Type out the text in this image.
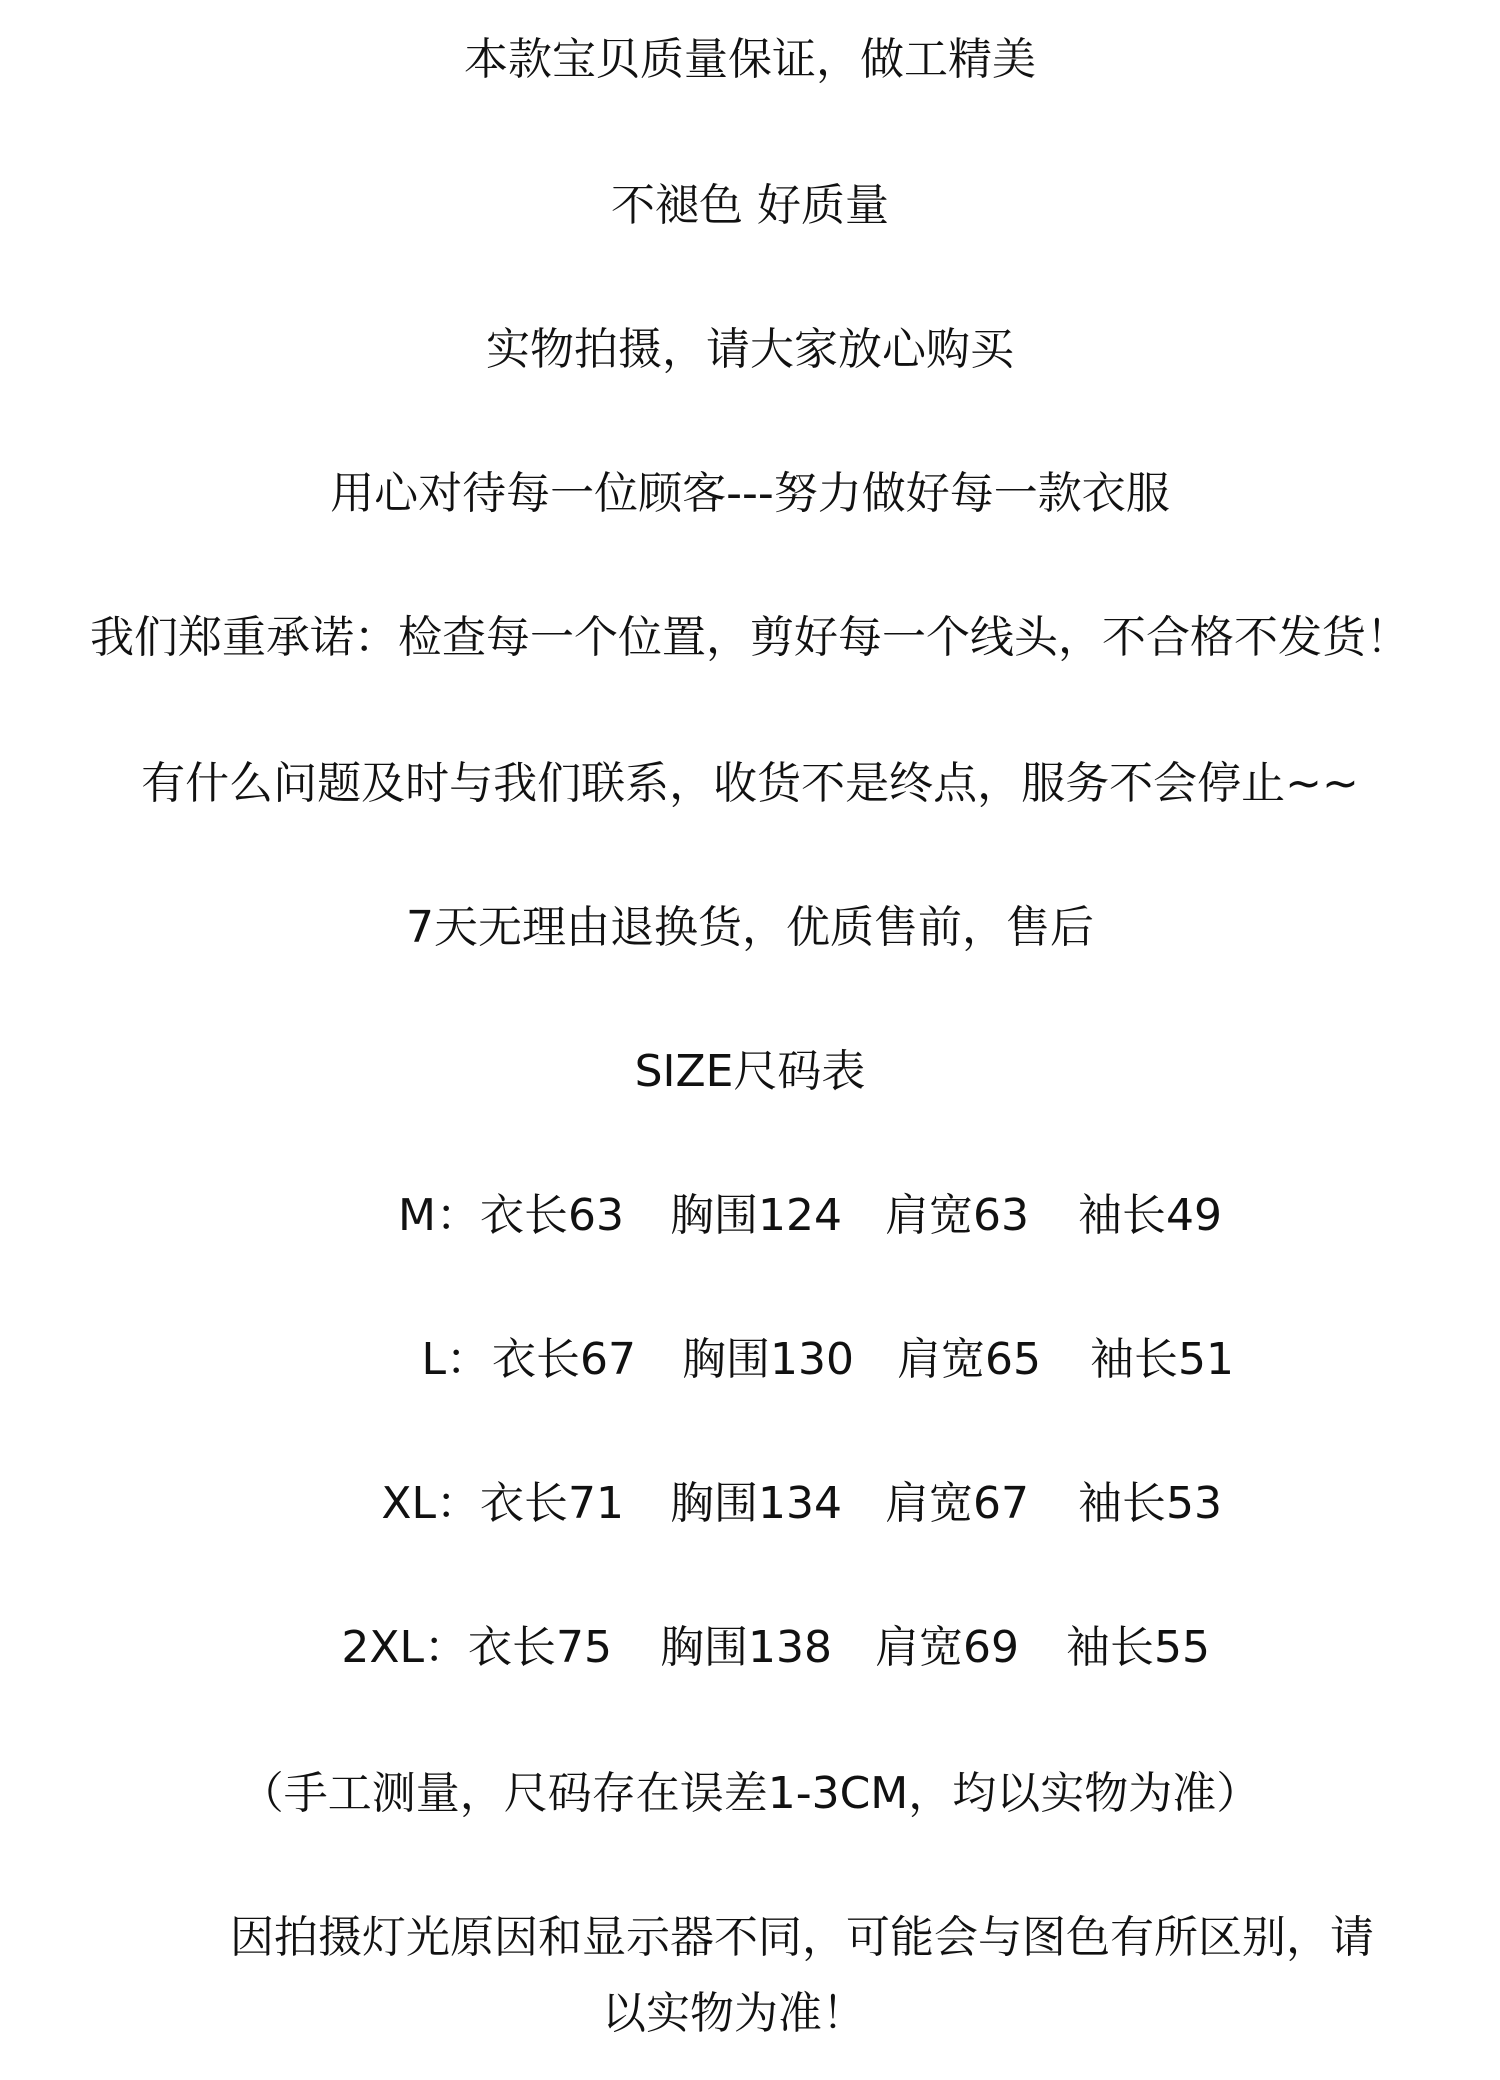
本款宝贝质量保证，做工精美
不褪色 好质量
实物拍摄，请大家放心购买
用心对待每一位顾客---努力做好每一款衣服
我们郑重承诺：检查每一个位置，剪好每一个线头，不合格不发货！
有什么问题及时与我们联系，收货不是终点，服务不会停止~~
7天无理由退换货，优质售前，售后
SIZE尺码表
M： 衣长63 胸围124 肩宽63 袖长49
L： 衣长67 胸围130 肩宽65 袖长51
XL： 衣长71 胸围134 肩宽67 袖长53
2XL： 衣长75 胸围138 肩宽69 袖长55
（手工测量，尺码存在误差1-3CM，均以实物为准）
因拍摄灯光原因和显示器不同，可能会与图色有所区别，请
以实物为准！
